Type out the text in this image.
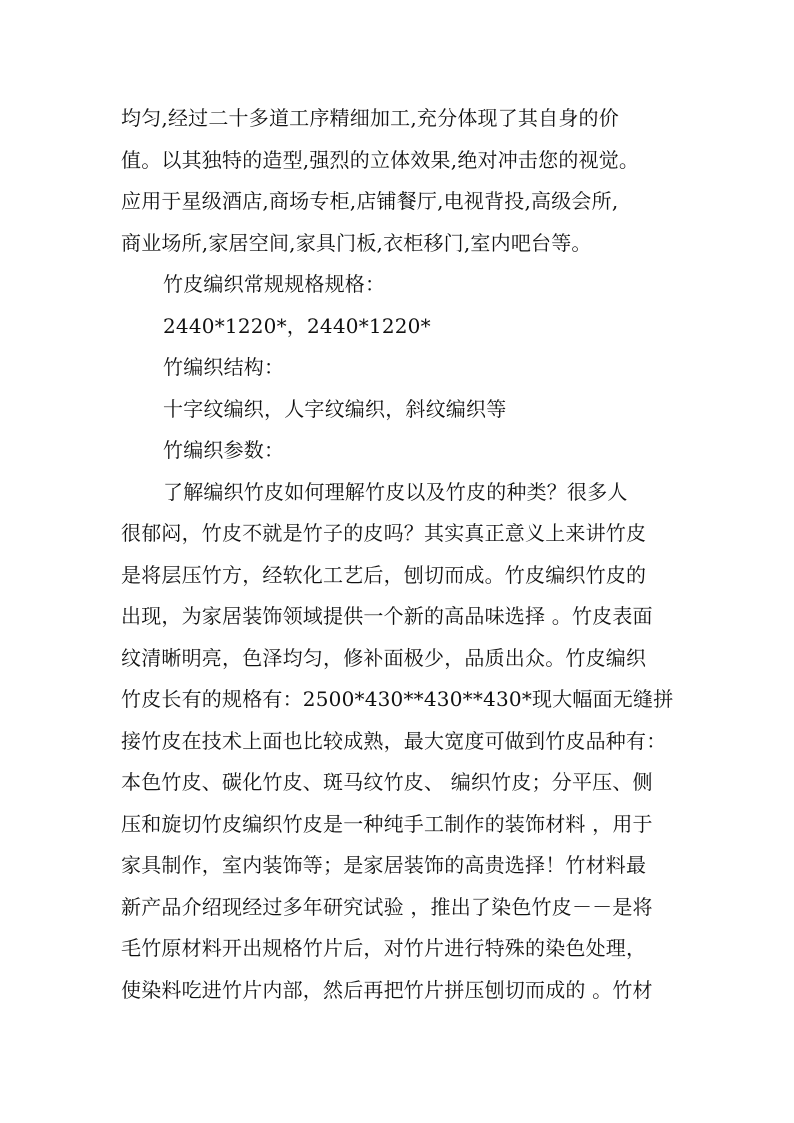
均匀,经过二十多道工序精细加工,充分体现了其自身的价
值。以其独特的造型,强烈的立体效果,绝对冲击您的视觉。
应用于星级酒店,商场专柜,店铺餐厅,电视背投,高级会所,
商业场所,家居空间,家具门板,衣柜移门,室内吧台等。
竹皮编织常规规格规格：
2440*1220*，2440*1220*
竹编织结构：
十字纹编织，人字纹编织，斜纹编织等
竹编织参数：
了解编织竹皮如何理解竹皮以及竹皮的种类？很多人
很郁闷，竹皮不就是竹子的皮吗？其实真正意义上来讲竹皮
是将层压竹方，经软化工艺后，刨切而成。竹皮编织竹皮的
出现，为家居装饰领域提供一个新的高品味选择 。竹皮表面
纹清晰明亮，色泽均匀，修补面极少，品质出众。竹皮编织
竹皮长有的规格有：2500*430**430**430*现大幅面无缝拼
接竹皮在技术上面也比较成熟，最大宽度可做到竹皮品种有：
本色竹皮、碳化竹皮、斑马纹竹皮、 编织竹皮；分平压、侧
压和旋切竹皮编织竹皮是一种纯手工制作的装饰材料 ，用于
家具制作，室内装饰等；是家居装饰的高贵选择！竹材料最
新产品介绍现经过多年研究试验 ，推出了染色竹皮－－是将
毛竹原材料开出规格竹片后，对竹片进行特殊的染色处理，
使染料吃进竹片内部，然后再把竹片拼压刨切而成的 。竹材
